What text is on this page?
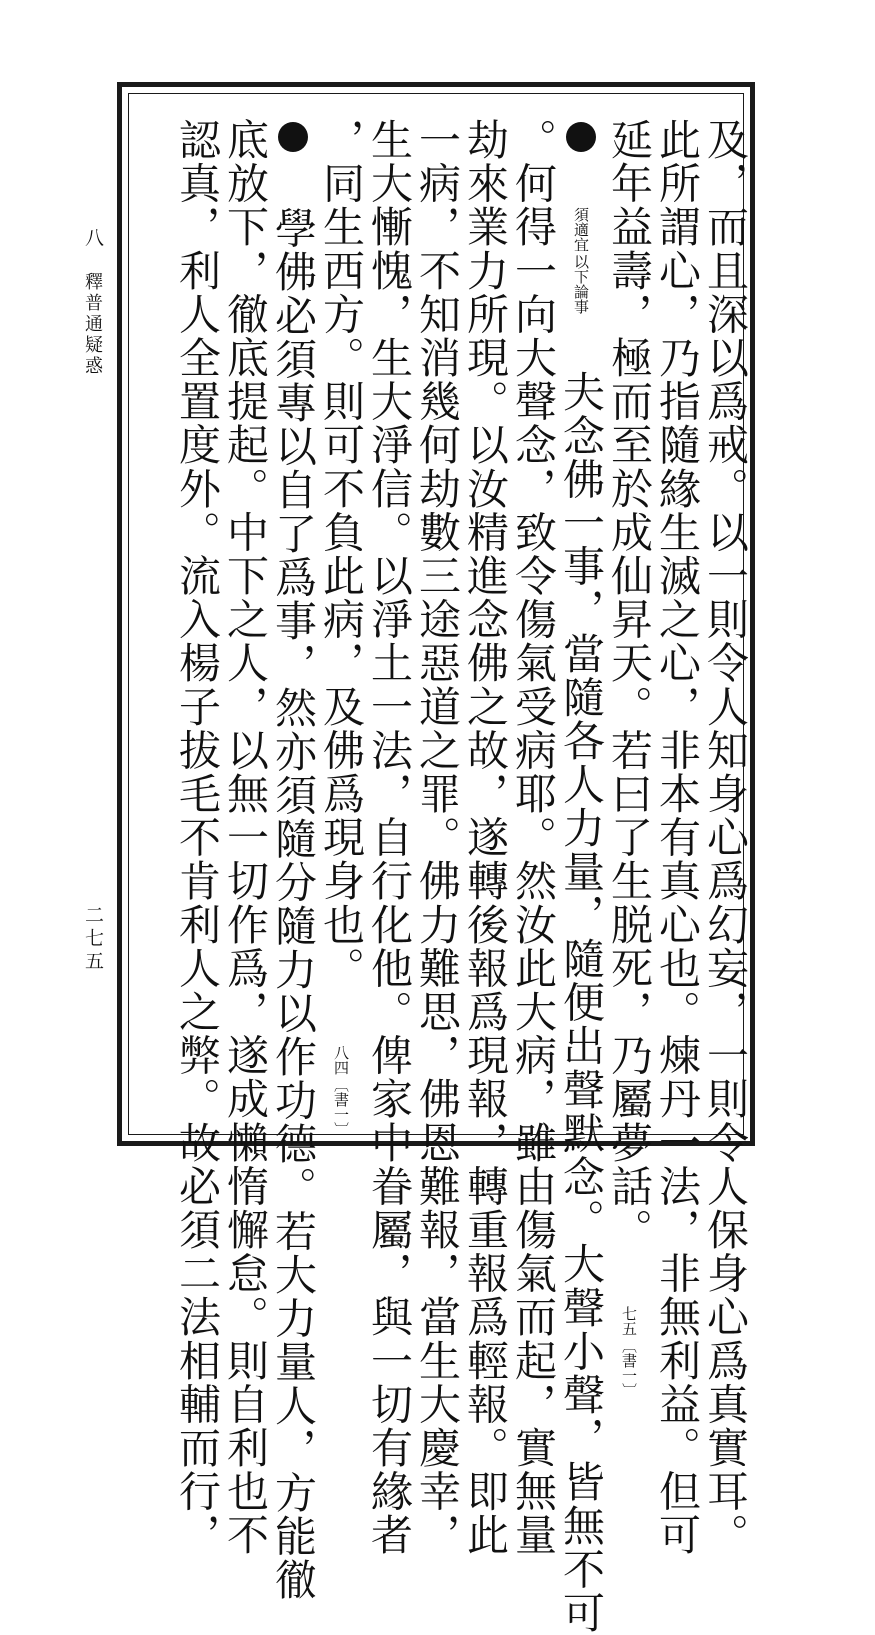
八
釋普通疑惑
二七五	及，而且深以爲戒。以一則令人知身心爲幻妄，一則令人保身心爲真實耳。
此所謂心，乃指隨緣生滅之心，非本有真心也。煉丹一法，非無利益。但可
延年益壽，極而至於成仙昇天。若曰了生脱死，乃屬夢話。
︹書一︺
七五

以下論事
須適宜
夫念佛一事，當隨各人力量，隨便出聲默念。大聲小聲，皆無不可
。何得一向大聲念，致令傷氣受病耶。然汝此大病，雖由傷氣而起，實無量
劫來業力所現。以汝精進念佛之故，遂轉後報爲現報，轉重報爲輕報。即此
一病，不知消幾何劫數三途惡道之罪。佛力難思，佛恩難報，當生大慶幸，
生大慚愧，生大淨信。以淨土一法，自行化他。俾家中眷屬，與一切有緣者
，同生西方。則可不負此病，及佛爲現身也。
︹書一︺
八四
學佛必須專以自了爲事，然亦須隨分隨力以作功德。若大力量人，方能徹
底放下，徹底提起。中下之人，以無一切作爲，遂成懶惰懈怠。則自利也不
認真，利人全置度外。流入楊子拔毛不肯利人之弊。故必須二法相輔而行，
